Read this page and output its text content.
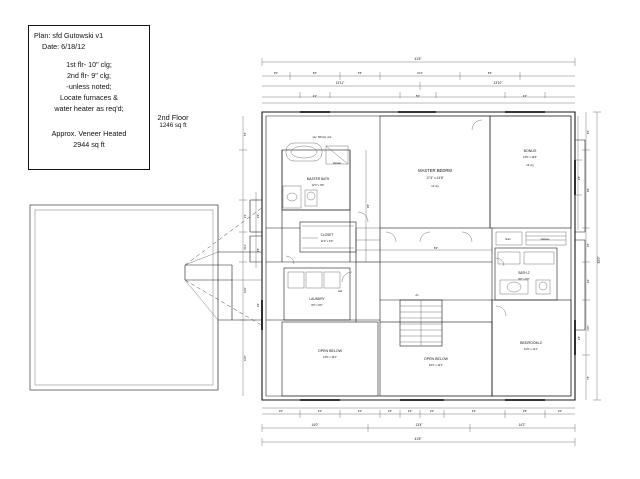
Plan: sfd Gutowski v1
Date: 6/18/12
1st flr- 10" clg;
2nd flr- 9" clg;
-unless noted;
Locate furnaces &
water heater as req'd;
Approx. Veneer Heated
2944 sq ft
2nd Floor
1246 sq ft
MASTER BEDRM
17'4" x 14'6"
12' clg
MASTER BATH
12'0" x 9'6"
wic- 5/8 std. unit
BONUS
13'5" x 19'6"
16' clg
CLOSET
11'0" x 6'0"
BATH-2
8'0" x 6'0"
BEDROOM-2
12'0" x 11'1"
LAUNDRY
8'0" x 6'6"
OPEN BELOW
13'5" x 16'1"	OPEN BELOW
19'4" x 13'1"
w/d
shelves
linen
dn
shower
41'8"
9'0"	8'4"	5'6"	10'4"	8'6"
13'11"	13'10"
4'0"	5'0"	4'0"
3'0"	4'0"	4'0"	2'6"	2'2"	2'0"	4'4"	2'8"	3'0"
14'0"	13'4"	14'2"
41'8"
35'0"
4'0"
9'6"
3'0"
2'0"
11'0"
7'6"
2'8"
2'8"
5'2"
2'1"
2'11"
10'6"
10'6"
2'4"
2'6"
3'6"
6'0"
3'6"
